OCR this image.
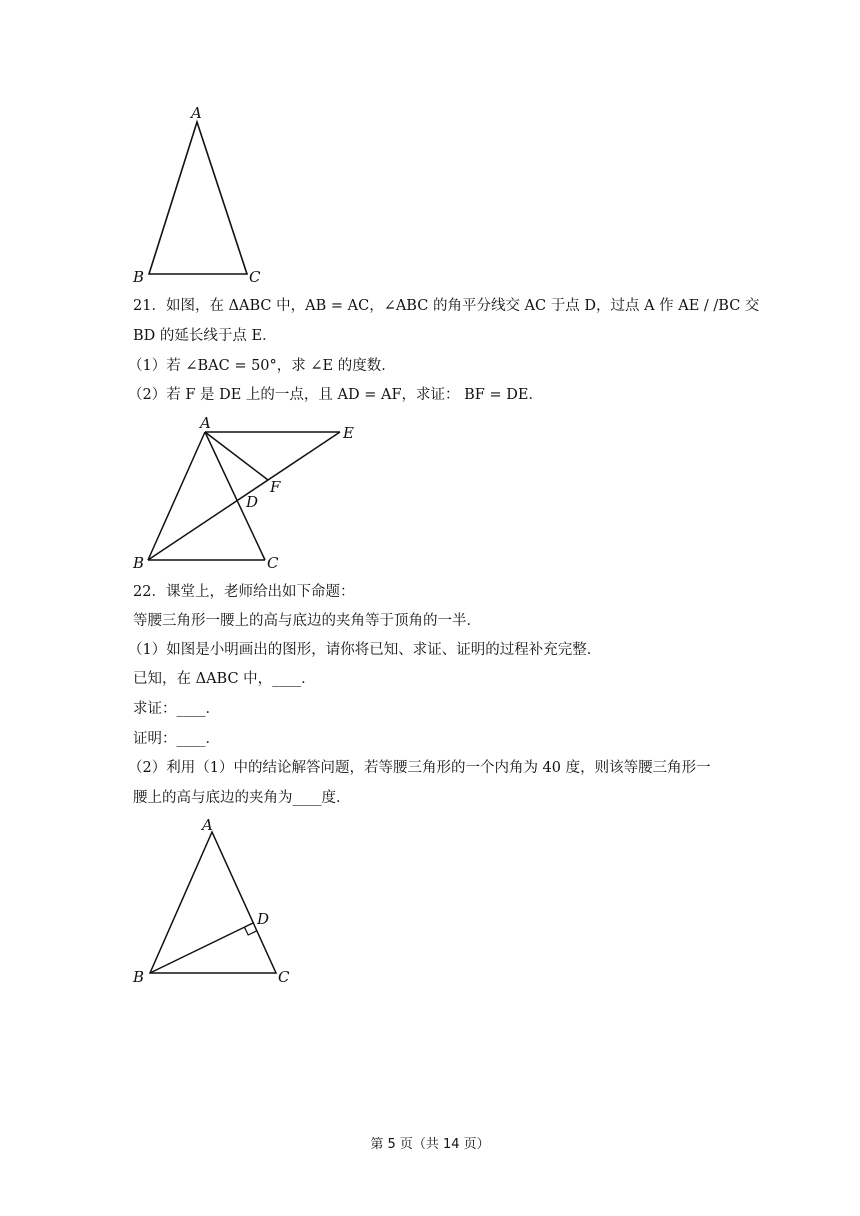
A
B	C
21．如图，在 ΔABC 中，AB = AC，∠ABC 的角平分线交 AC 于点 D，过点 A 作 AE / /BC 交
BD 的延长线于点 E．
（1）若 ∠BAC = 50°，求 ∠E 的度数．
（2）若 F 是 DE 上的一点，且 AD = AF，求证： BF = DE．
A
B	C
D
E
F
22．课堂上，老师给出如下命题：
等腰三角形一腰上的高与底边的夹角等于顶角的一半．
（1）如图是小明画出的图形，请你将已知、求证、证明的过程补充完整．
已知，在 ΔABC 中，____．
求证：____．
证明：____．
（2）利用（1）中的结论解答问题，若等腰三角形的一个内角为 40 度，则该等腰三角形一
腰上的高与底边的夹角为____度．
A
B	C
D
第 5 页（共 14 页）
